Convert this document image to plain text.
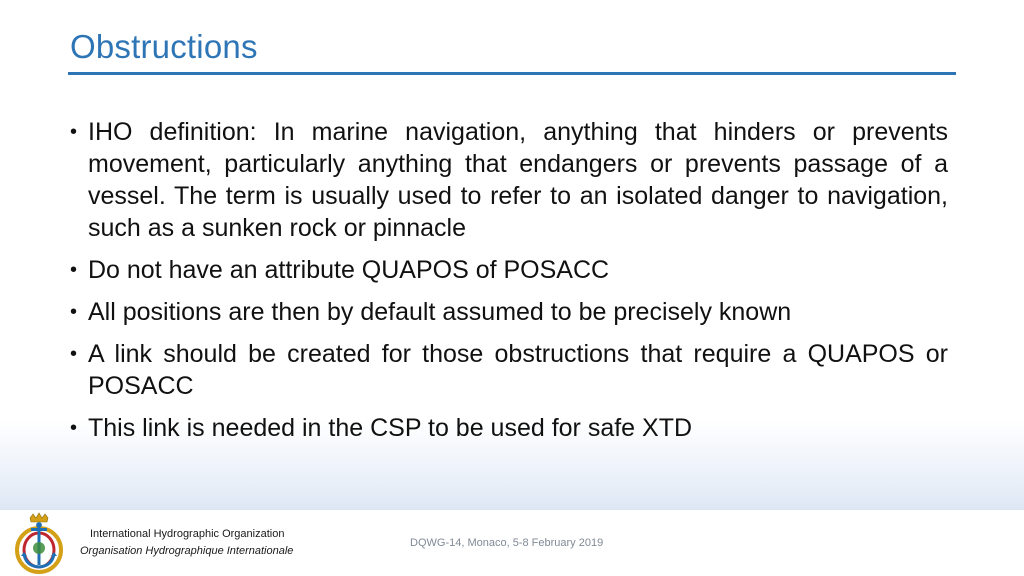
Obstructions
• IHO definition: In marine navigation, anything that hinders or prevents movement, particularly anything that endangers or prevents passage of a vessel. The term is usually used to refer to an isolated danger to navigation, such as a sunken rock or pinnacle
• Do not have an attribute QUAPOS of POSACC
• All positions are then by default assumed to be precisely known
• A link should be created for those obstructions that require a QUAPOS or POSACC
• This link is needed in the CSP to be used for safe XTD
International Hydrographic Organization
Organisation Hydrographique Internationale
DQWG-14, Monaco, 5-8 February 2019
